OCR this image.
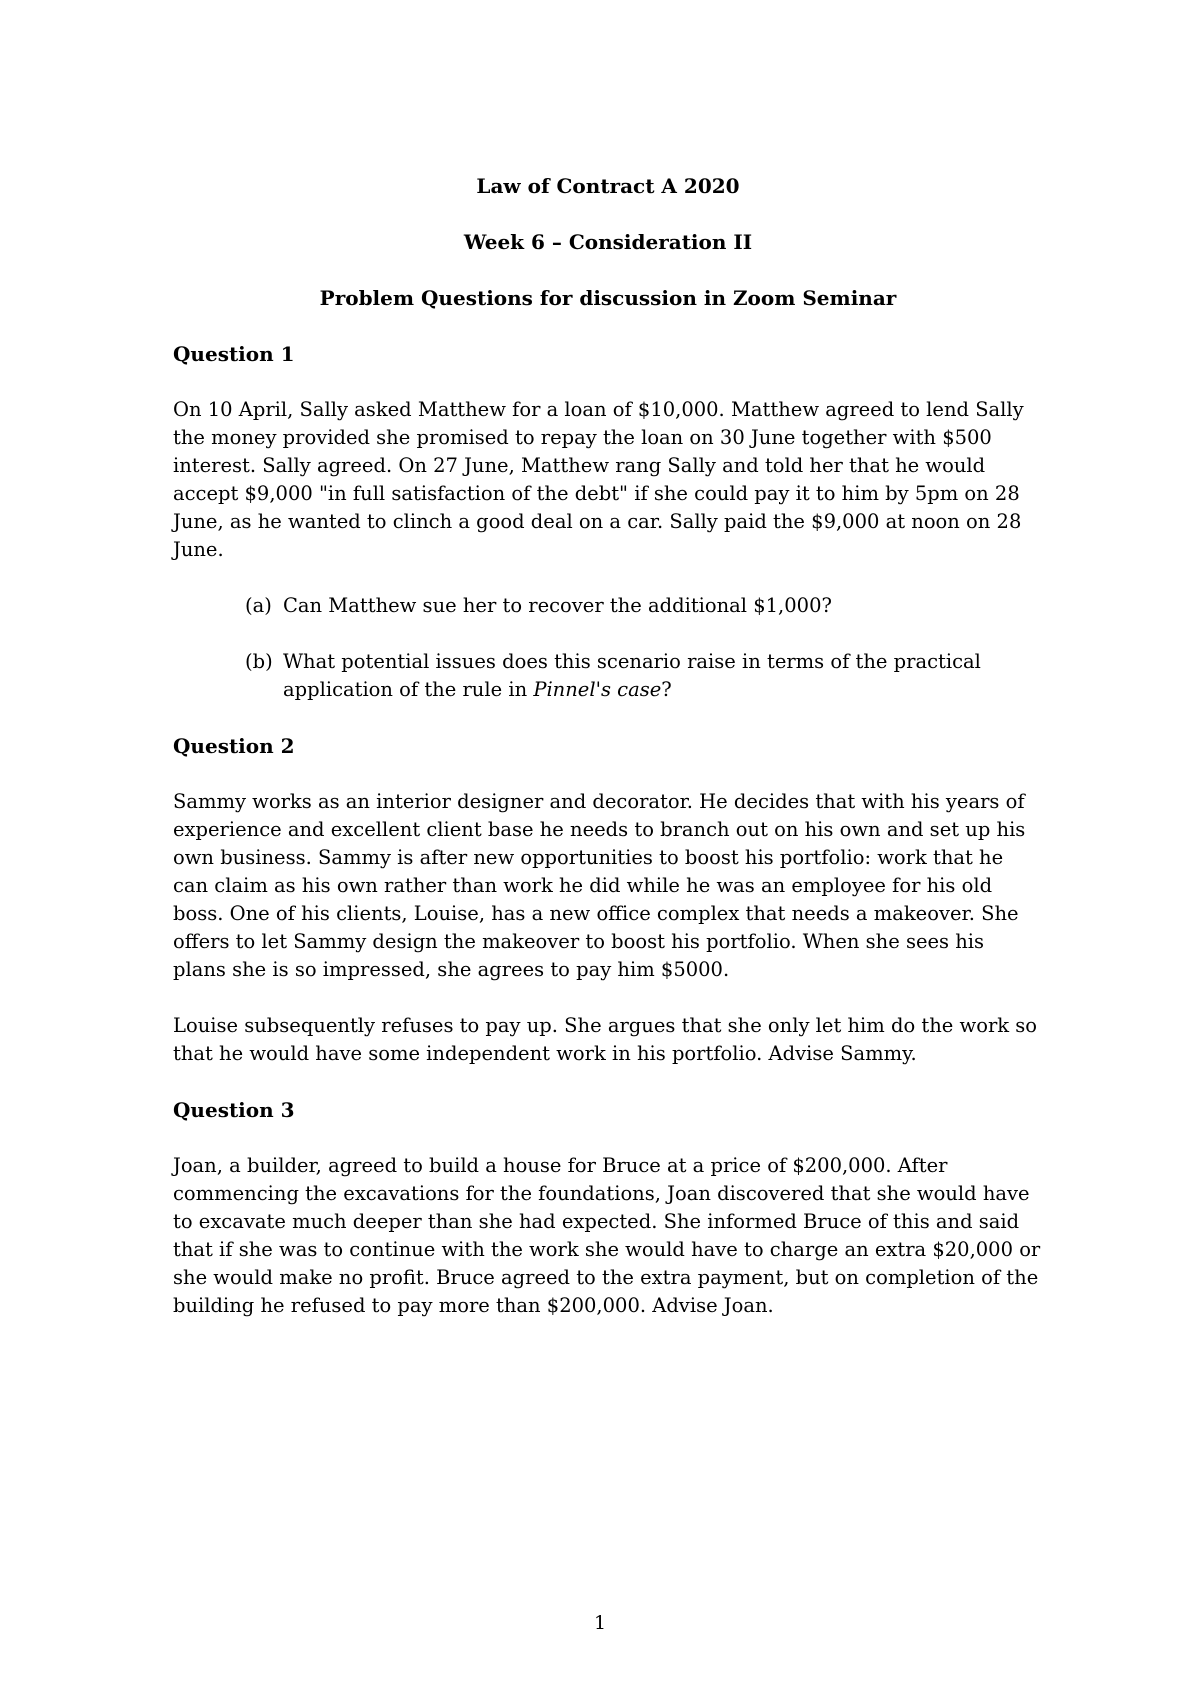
Law of Contract A 2020
Week 6 – Consideration II
Problem Questions for discussion in Zoom Seminar
Question 1

On 10 April, Sally asked Matthew for a loan of $10,000. Matthew agreed to lend Sally the money provided she promised to repay the loan on 30 June together with $500 interest. Sally agreed. On 27 June, Matthew rang Sally and told her that he would accept $9,000 "in full satisfaction of the debt" if she could pay it to him by 5pm on 28 June, as he wanted to clinch a good deal on a car. Sally paid the $9,000 at noon on 28 June.

(a) Can Matthew sue her to recover the additional $1,000?
(b) What potential issues does this scenario raise in terms of the practical application of the rule in Pinnel's case?
Question 2

Sammy works as an interior designer and decorator. He decides that with his years of experience and excellent client base he needs to branch out on his own and set up his own business. Sammy is after new opportunities to boost his portfolio: work that he can claim as his own rather than work he did while he was an employee for his old boss. One of his clients, Louise, has a new office complex that needs a makeover. She offers to let Sammy design the makeover to boost his portfolio. When she sees his plans she is so impressed, she agrees to pay him $5000.

Louise subsequently refuses to pay up. She argues that she only let him do the work so that he would have some independent work in his portfolio. Advise Sammy.

Question 3

Joan, a builder, agreed to build a house for Bruce at a price of $200,000. After commencing the excavations for the foundations, Joan discovered that she would have to excavate much deeper than she had expected. She informed Bruce of this and said that if she was to continue with the work she would have to charge an extra $20,000 or she would make no profit. Bruce agreed to the extra payment, but on completion of the building he refused to pay more than $200,000. Advise Joan.

1
